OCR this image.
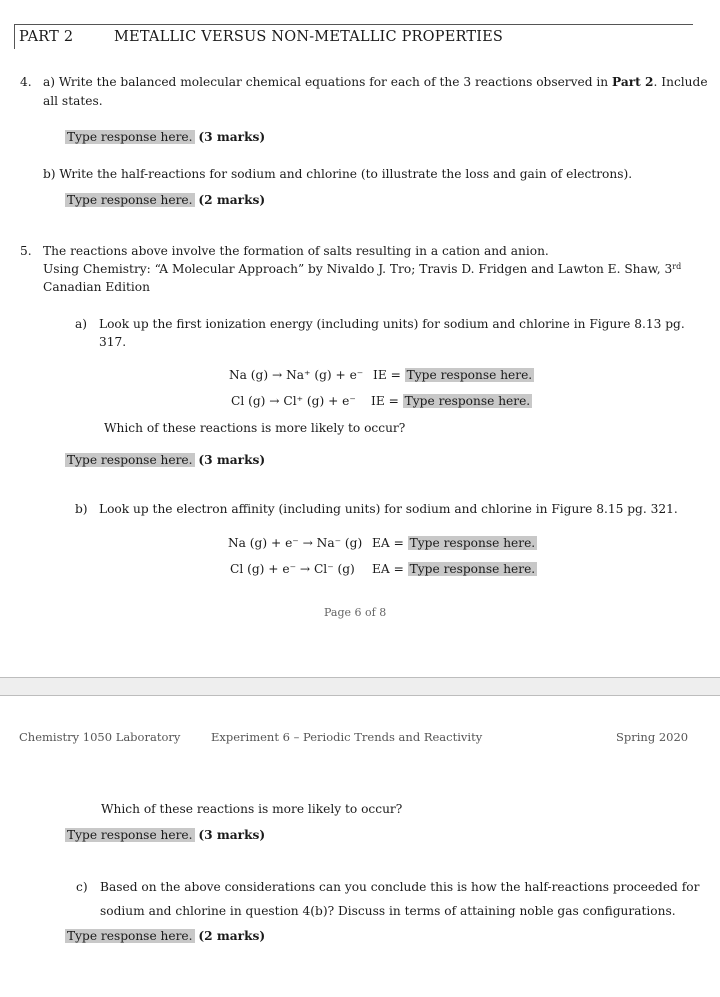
PART 2	METALLIC VERSUS NON-METALLIC PROPERTIES
4. a) Write the balanced molecular chemical equations for each of the 3 reactions observed in Part 2. Include
all states.
Type response here. (3 marks)
b) Write the half-reactions for sodium and chlorine (to illustrate the loss and gain of electrons).
Type response here. (2 marks)
5. The reactions above involve the formation of salts resulting in a cation and anion.
Using Chemistry: “A Molecular Approach” by Nivaldo J. Tro; Travis D. Fridgen and Lawton E. Shaw, 3rd
Canadian Edition
a) Look up the first ionization energy (including units) for sodium and chlorine in Figure 8.13 pg.
317.
Na (g) → Na⁺ (g) + e⁻ IE = Type response here.
Cl (g) → Cl⁺ (g) + e⁻ IE = Type response here.
Which of these reactions is more likely to occur?
Type response here. (3 marks)
b) Look up the electron affinity (including units) for sodium and chlorine in Figure 8.15 pg. 321.
Na (g) + e⁻ → Na⁻ (g) EA = Type response here.
Cl (g) + e⁻ → Cl⁻ (g) EA = Type response here.
Page 6 of 8
Chemistry 1050 Laboratory	Experiment 6 – Periodic Trends and Reactivity	Spring 2020
Which of these reactions is more likely to occur?
Type response here. (3 marks)
c) Based on the above considerations can you conclude this is how the half-reactions proceeded for
sodium and chlorine in question 4(b)? Discuss in terms of attaining noble gas configurations.
Type response here. (2 marks)
